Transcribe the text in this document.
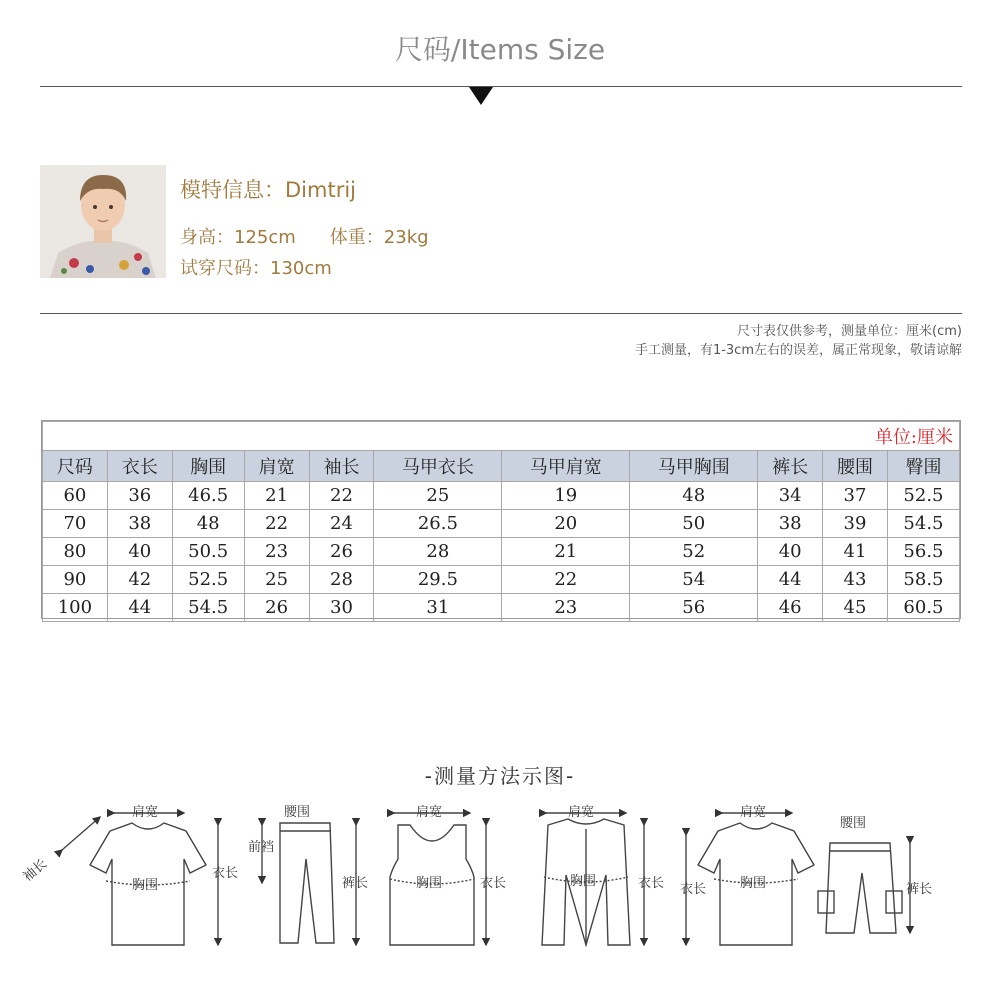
尺码/Items Size
模特信息：Dimtrij
身高：125cm 体重：23kg
试穿尺码：130cm
尺寸表仅供参考，测量单位：厘米(cm)
手工测量，有1-3cm左右的误差，属正常现象，敬请谅解
单位:厘米										
尺码	衣长	胸围	肩宽	袖长	马甲衣长	马甲肩宽	马甲胸围	裤长	腰围	臀围
60	36	46.5	21	22	25	19	48	34	37	52.5
70	38	48	22	24	26.5	20	50	38	39	54.5
80	40	50.5	23	26	28	21	52	40	41	56.5
90	42	52.5	25	28	29.5	22	54	44	43	58.5
100	44	54.5	26	30	31	23	56	46	45	60.5
-测量方法示图-
肩宽
袖长
胸围
衣长
腰围
前裆
裤长
肩宽
胸围	衣长
肩宽
胸围	衣长
肩宽
胸围
衣长
腰围
裤长
